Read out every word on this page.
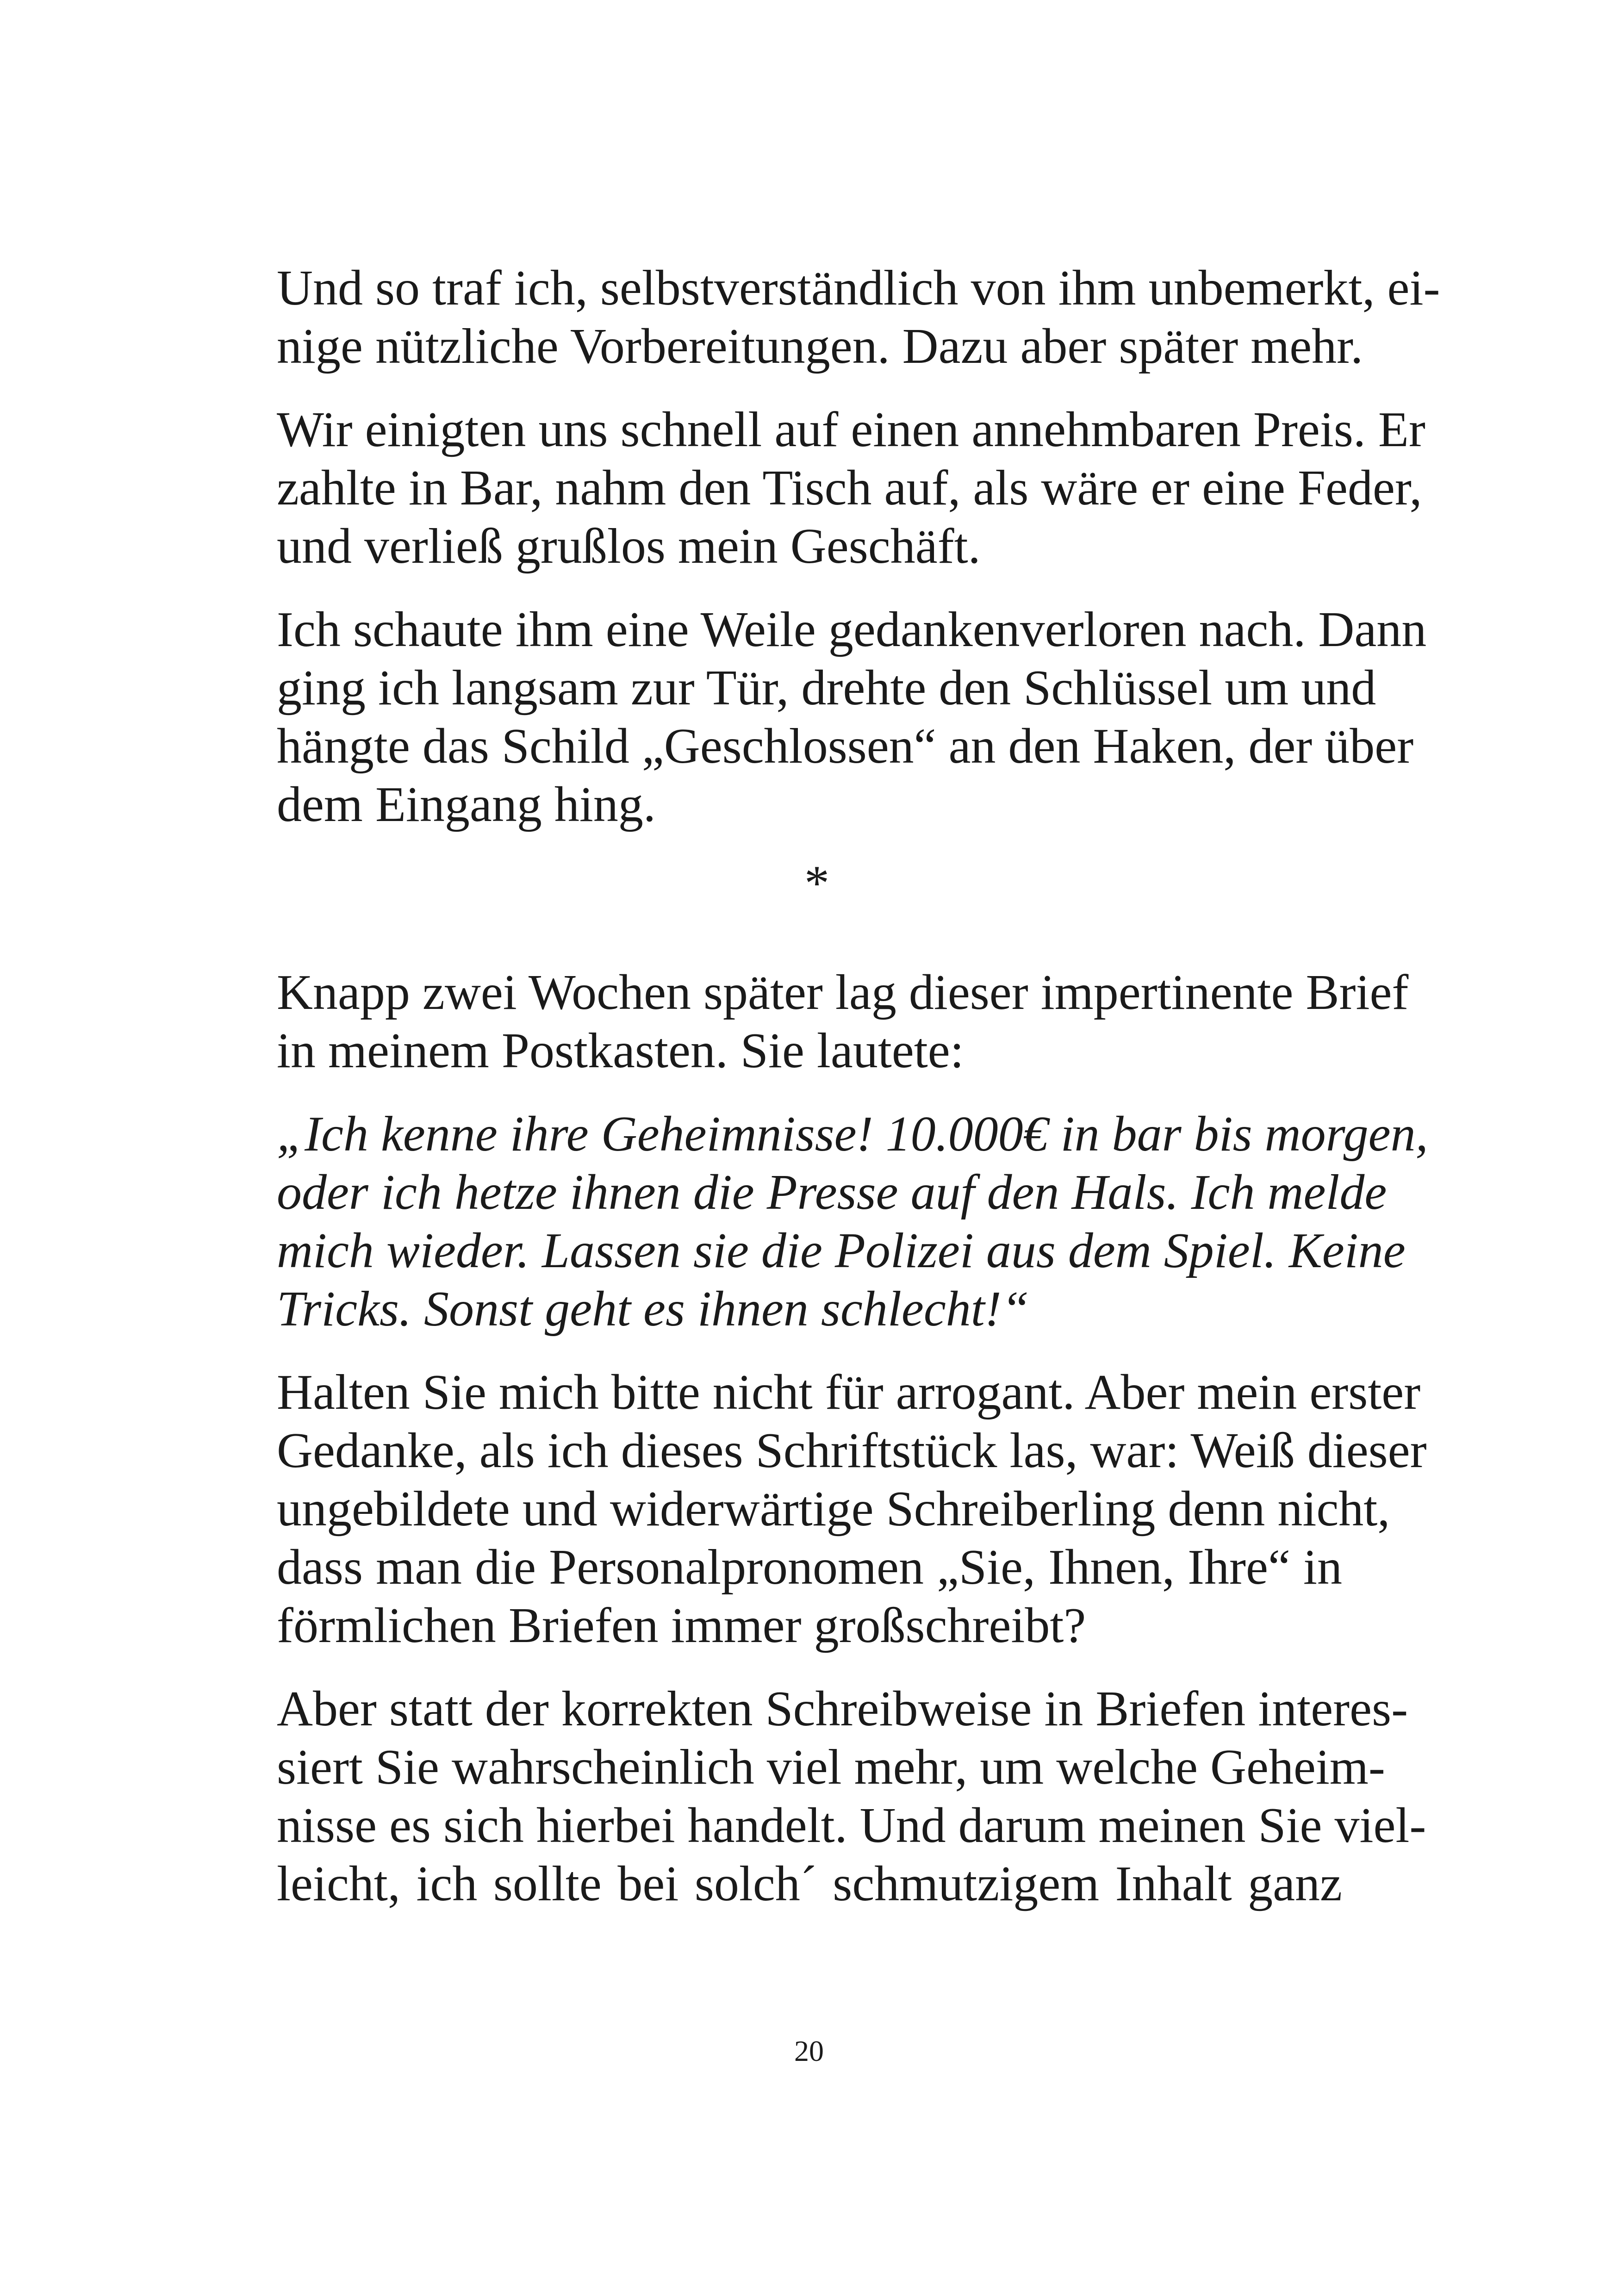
Und so traf ich, selbstverständlich von ihm unbemerkt, ei-
nige nützliche Vorbereitungen. Dazu aber später mehr.
Wir einigten uns schnell auf einen annehmbaren Preis. Er
zahlte in Bar, nahm den Tisch auf, als wäre er eine Feder,
und verließ grußlos mein Geschäft.
Ich schaute ihm eine Weile gedankenverloren nach. Dann
ging ich langsam zur Tür, drehte den Schlüssel um und
hängte das Schild „Geschlossen“ an den Haken, der über
dem Eingang hing.
*
Knapp zwei Wochen später lag dieser impertinente Brief
in meinem Postkasten. Sie lautete:
„Ich kenne ihre Geheimnisse! 10.000€ in bar bis morgen,
oder ich hetze ihnen die Presse auf den Hals. Ich melde
mich wieder. Lassen sie die Polizei aus dem Spiel. Keine
Tricks. Sonst geht es ihnen schlecht!“
Halten Sie mich bitte nicht für arrogant. Aber mein erster
Gedanke, als ich dieses Schriftstück las, war: Weiß dieser
ungebildete und widerwärtige Schreiberling denn nicht,
dass man die Personalpronomen „Sie, Ihnen, Ihre“ in
förmlichen Briefen immer großschreibt?
Aber statt der korrekten Schreibweise in Briefen interes-
siert Sie wahrscheinlich viel mehr, um welche Geheim-
nisse es sich hierbei handelt. Und darum meinen Sie viel-
leicht, ich sollte bei solch´ schmutzigem Inhalt ganz
20
